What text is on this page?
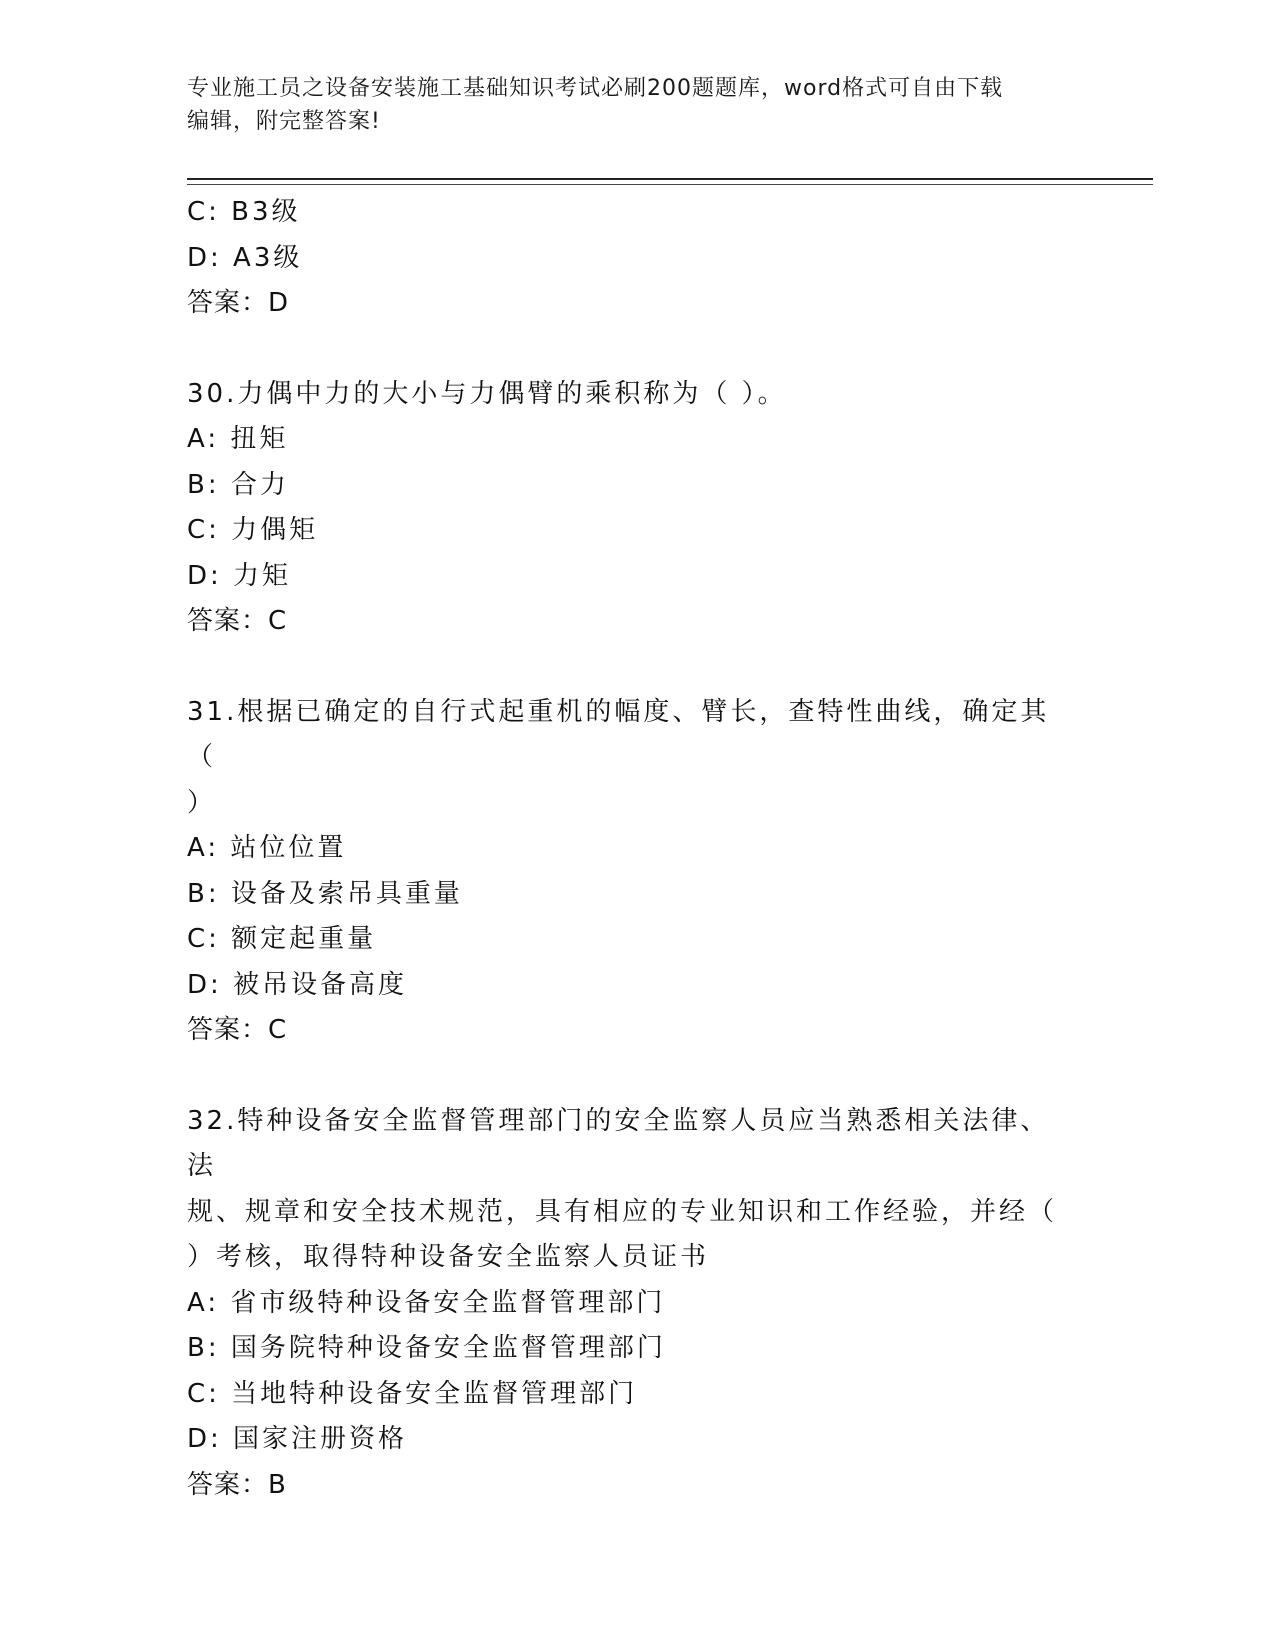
专业施工员之设备安装施工基础知识考试必刷200题题库，word格式可自由下载
编辑，附完整答案!
C: B3级
D: A3级
答案：D
30.力偶中力的大小与力偶臂的乘积称为（ ）。
A: 扭矩
B: 合力
C: 力偶矩
D: 力矩
答案：C
31.根据已确定的自行式起重机的幅度、臂长，查特性曲线，确定其（
）
A: 站位位置
B: 设备及索吊具重量
C: 额定起重量
D: 被吊设备高度
答案：C
32.特种设备安全监督管理部门的安全监察人员应当熟悉相关法律、法
规、规章和安全技术规范，具有相应的专业知识和工作经验，并经（
）考核，取得特种设备安全监察人员证书
A: 省市级特种设备安全监督管理部门
B: 国务院特种设备安全监督管理部门
C: 当地特种设备安全监督管理部门
D: 国家注册资格
答案：B
